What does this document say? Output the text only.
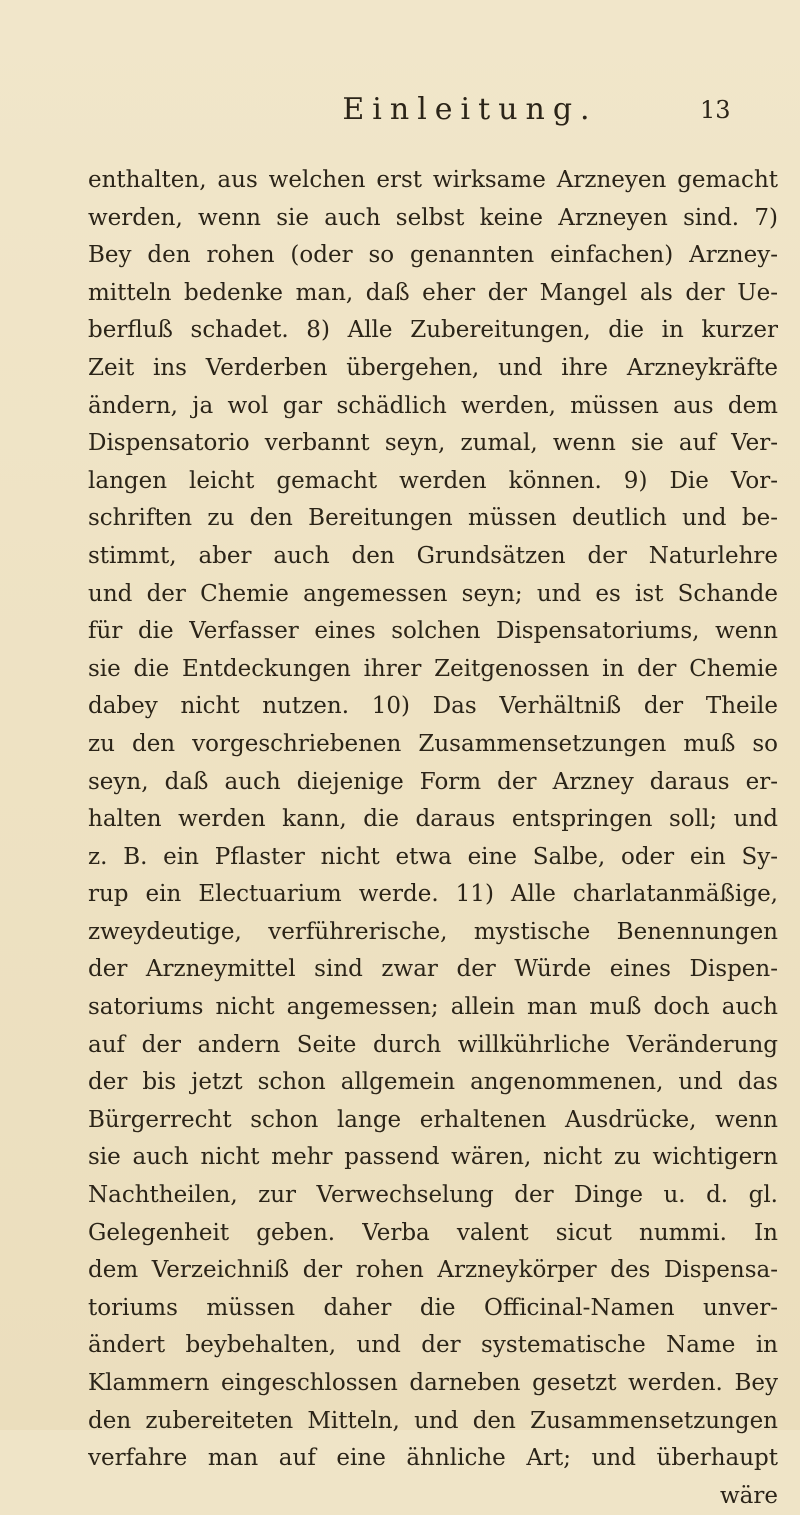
Einleitung.	13
enthalten, aus welchen erst wirksame Arzneyen gemacht
werden, wenn sie auch selbst keine Arzneyen sind. 7)
Bey den rohen (oder so genannten einfachen) Arzney-
mitteln bedenke man, daß eher der Mangel als der Ue-
berfluß schadet. 8) Alle Zubereitungen, die in kurzer
Zeit ins Verderben übergehen, und ihre Arzneykräfte
ändern, ja wol gar schädlich werden, müssen aus dem
Dispensatorio verbannt seyn, zumal, wenn sie auf Ver-
langen leicht gemacht werden können. 9) Die Vor-
schriften zu den Bereitungen müssen deutlich und be-
stimmt, aber auch den Grundsätzen der Naturlehre
und der Chemie angemessen seyn; und es ist Schande
für die Verfasser eines solchen Dispensatoriums, wenn
sie die Entdeckungen ihrer Zeitgenossen in der Chemie
dabey nicht nutzen. 10) Das Verhältniß der Theile
zu den vorgeschriebenen Zusammensetzungen muß so
seyn, daß auch diejenige Form der Arzney daraus er-
halten werden kann, die daraus entspringen soll; und
z. B. ein Pflaster nicht etwa eine Salbe, oder ein Sy-
rup ein Electuarium werde. 11) Alle charlatanmäßige,
zweydeutige, verführerische, mystische Benennungen
der Arzneymittel sind zwar der Würde eines Dispen-
satoriums nicht angemessen; allein man muß doch auch
auf der andern Seite durch willkührliche Veränderung
der bis jetzt schon allgemein angenommenen, und das
Bürgerrecht schon lange erhaltenen Ausdrücke, wenn
sie auch nicht mehr passend wären, nicht zu wichtigern
Nachtheilen, zur Verwechselung der Dinge u. d. gl.
Gelegenheit geben. Verba valent sicut nummi. In
dem Verzeichniß der rohen Arzneykörper des Dispensa-
toriums müssen daher die Officinal-Namen unver-
ändert beybehalten, und der systematische Name in
Klammern eingeschlossen darneben gesetzt werden. Bey
den zubereiteten Mitteln, und den Zusammensetzungen
verfahre man auf eine ähnliche Art; und überhaupt
wäre
